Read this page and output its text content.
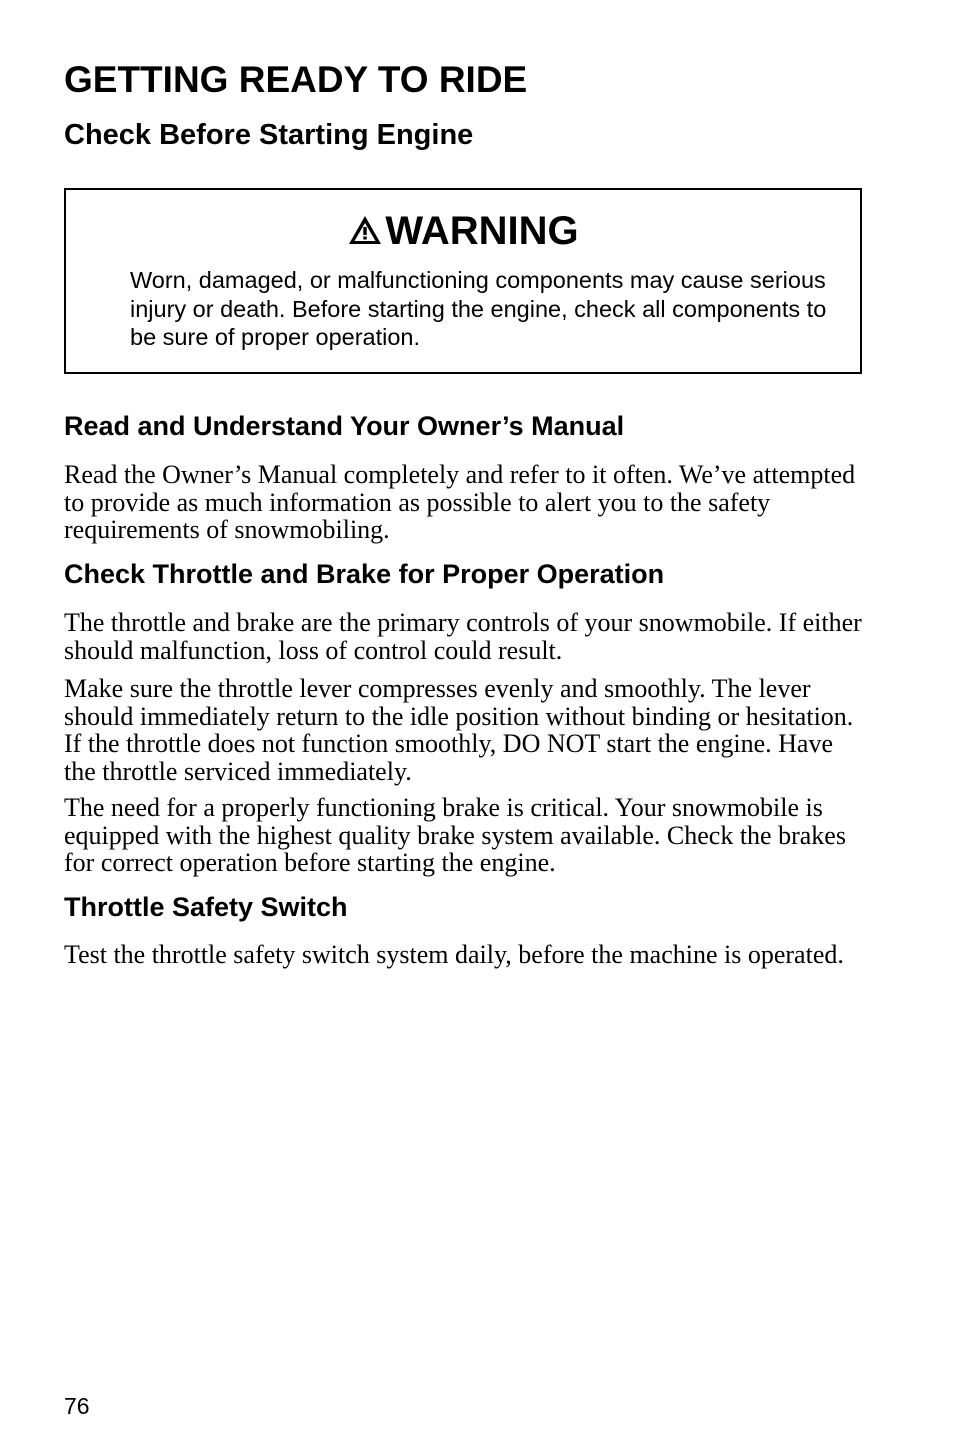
GETTING READY TO RIDE
Check Before Starting Engine
WARNING

Worn, damaged, or malfunctioning components may cause serious injury or death. Before starting the engine, check all components to be sure of proper operation.

Read and Understand Your Owner’s Manual

Read the Owner’s Manual completely and refer to it often. We’ve attempted to provide as much information as possible to alert you to the safety requirements of snowmobiling.

Check Throttle and Brake for Proper Operation

The throttle and brake are the primary controls of your snowmobile. If either should malfunction, loss of control could result.

Make sure the throttle lever compresses evenly and smoothly. The lever should immediately return to the idle position without binding or hesitation. If the throttle does not function smoothly, DO NOT start the engine. Have the throttle serviced immediately.

The need for a properly functioning brake is critical. Your snowmobile is equipped with the highest quality brake system available. Check the brakes for correct operation before starting the engine.

Throttle Safety Switch

Test the throttle safety switch system daily, before the machine is operated.

76
